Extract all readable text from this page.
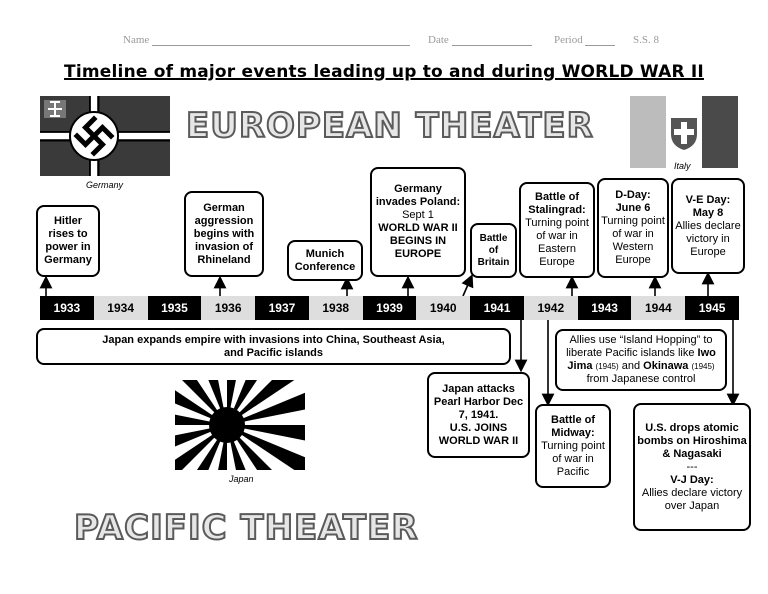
Name	Date	Period	S.S. 8
Timeline of major events leading up to and during WORLD WAR II
Germany
EUROPEAN THEATER
Italy
Hitler rises to power in Germany
German aggression begins with invasion of Rhineland	Munich Conference
Germany invades Poland:
Sept 1
WORLD WAR II BEGINS IN EUROPE
Battle of Britain
Battle of Stalingrad:
Turning point of war in Eastern Europe
D-Day: June 6
Turning point of war in Western Europe
V-E Day: May 8
Allies declare victory in Europe
1933	1934	1935	1936	1937	1938	1939	1940	1941	1942	1943	1944	1945
Japan expands empire with invasions into China, Southeast Asia, and Pacific islands
Japan
PACIFIC THEATER
Japan attacks Pearl Harbor Dec 7, 1941.
U.S. JOINS WORLD WAR II
Battle of Midway:
Turning point of war in Pacific
Allies use “Island Hopping” to liberate Pacific islands like Iwo Jima (1945) and Okinawa (1945) from Japanese control
U.S. drops atomic bombs on Hiroshima & Nagasaki
---
V-J Day:
Allies declare victory over Japan
